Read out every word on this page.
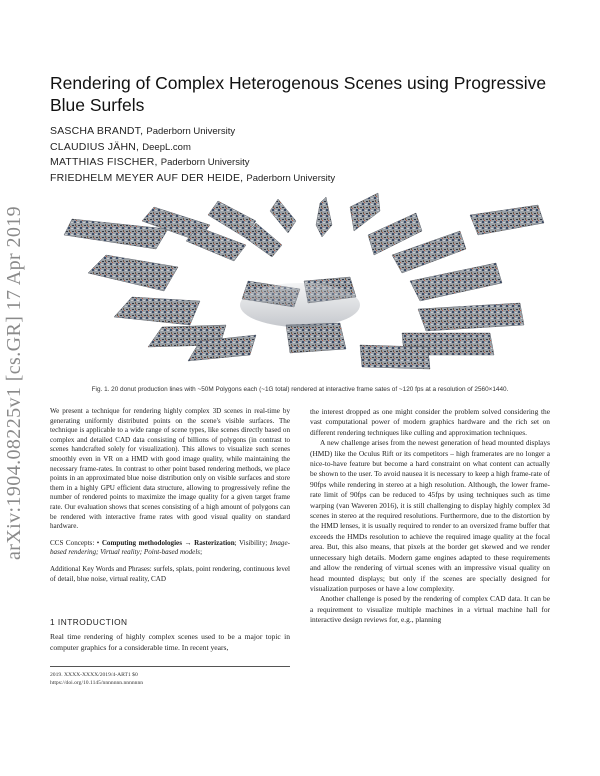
Rendering of Complex Heterogenous Scenes using Progressive Blue Surfels
SASCHA BRANDT, Paderborn University
CLAUDIUS JÄHN, DeepL.com
MATTHIAS FISCHER, Paderborn University
FRIEDHELM MEYER AUF DER HEIDE, Paderborn University
arXiv:1904.08225v1 [cs.GR] 17 Apr 2019	Fig. 1. 20 donut production lines with ~50M Polygons each (~1G total) rendered at interactive frame sates of ~120 fps at a resolution of 2560×1440.

We present a technique for rendering highly complex 3D scenes in real-time by generating uniformly distributed points on the scene's visible surfaces. The technique is applicable to a wide range of scene types, like scenes directly based on complex and detailed CAD data consisting of billions of polygons (in contrast to scenes handcrafted solely for visualization). This allows to visualize such scenes smoothly even in VR on a HMD with good image quality, while maintaining the necessary frame-rates. In contrast to other point based rendering methods, we place points in an approximated blue noise distribution only on visible surfaces and store them in a highly GPU efficient data structure, allowing to progressively refine the number of rendered points to maximize the image quality for a given target frame rate. Our evaluation shows that scenes consisting of a high amount of polygons can be rendered with interactive frame rates with good visual quality on standard hardware.

CCS Concepts: • Computing methodologies → Rasterization; Visibility; Image-based rendering; Virtual reality; Point-based models;

Additional Key Words and Phrases: surfels, splats, point rendering, continuous level of detail, blue noise, virtual reality, CAD

1 INTRODUCTION
Real time rendering of highly complex scenes used to be a major topic in computer graphics for a considerable time. In recent years,
2019. XXXX-XXXX/2019/4-ART1 $0
https://doi.org/10.1145/nnnnnnn.nnnnnnn

the interest dropped as one might consider the problem solved considering the vast computational power of modern graphics hardware and the rich set on different rendering techniques like culling and approximation techniques.

A new challenge arises from the newest generation of head mounted displays (HMD) like the Oculus Rift or its competitors – high framerates are no longer a nice-to-have feature but become a hard constraint on what content can actually be shown to the user. To avoid nausea it is necessary to keep a high frame-rate of 90fps while rendering in stereo at a high resolution. Although, the lower frame-rate limit of 90fps can be reduced to 45fps by using techniques such as time warping (van Waveren 2016), it is still challenging to display highly complex 3d scenes in stereo at the required resolutions. Furthermore, due to the distortion by the HMD lenses, it is usually required to render to an oversized frame buffer that exceeds the HMDs resolution to achieve the required image quality at the focal area. But, this also means, that pixels at the border get skewed and we render unnecessary high details. Modern game engines adapted to these requirements and allow the rendering of virtual scenes with an impressive visual quality on head mounted displays; but only if the scenes are specially designed for visualization purposes or have a low complexity.

Another challenge is posed by the rendering of complex CAD data. It can be a requirement to visualize multiple machines in a virtual machine hall for interactive design reviews for, e.g., planning
